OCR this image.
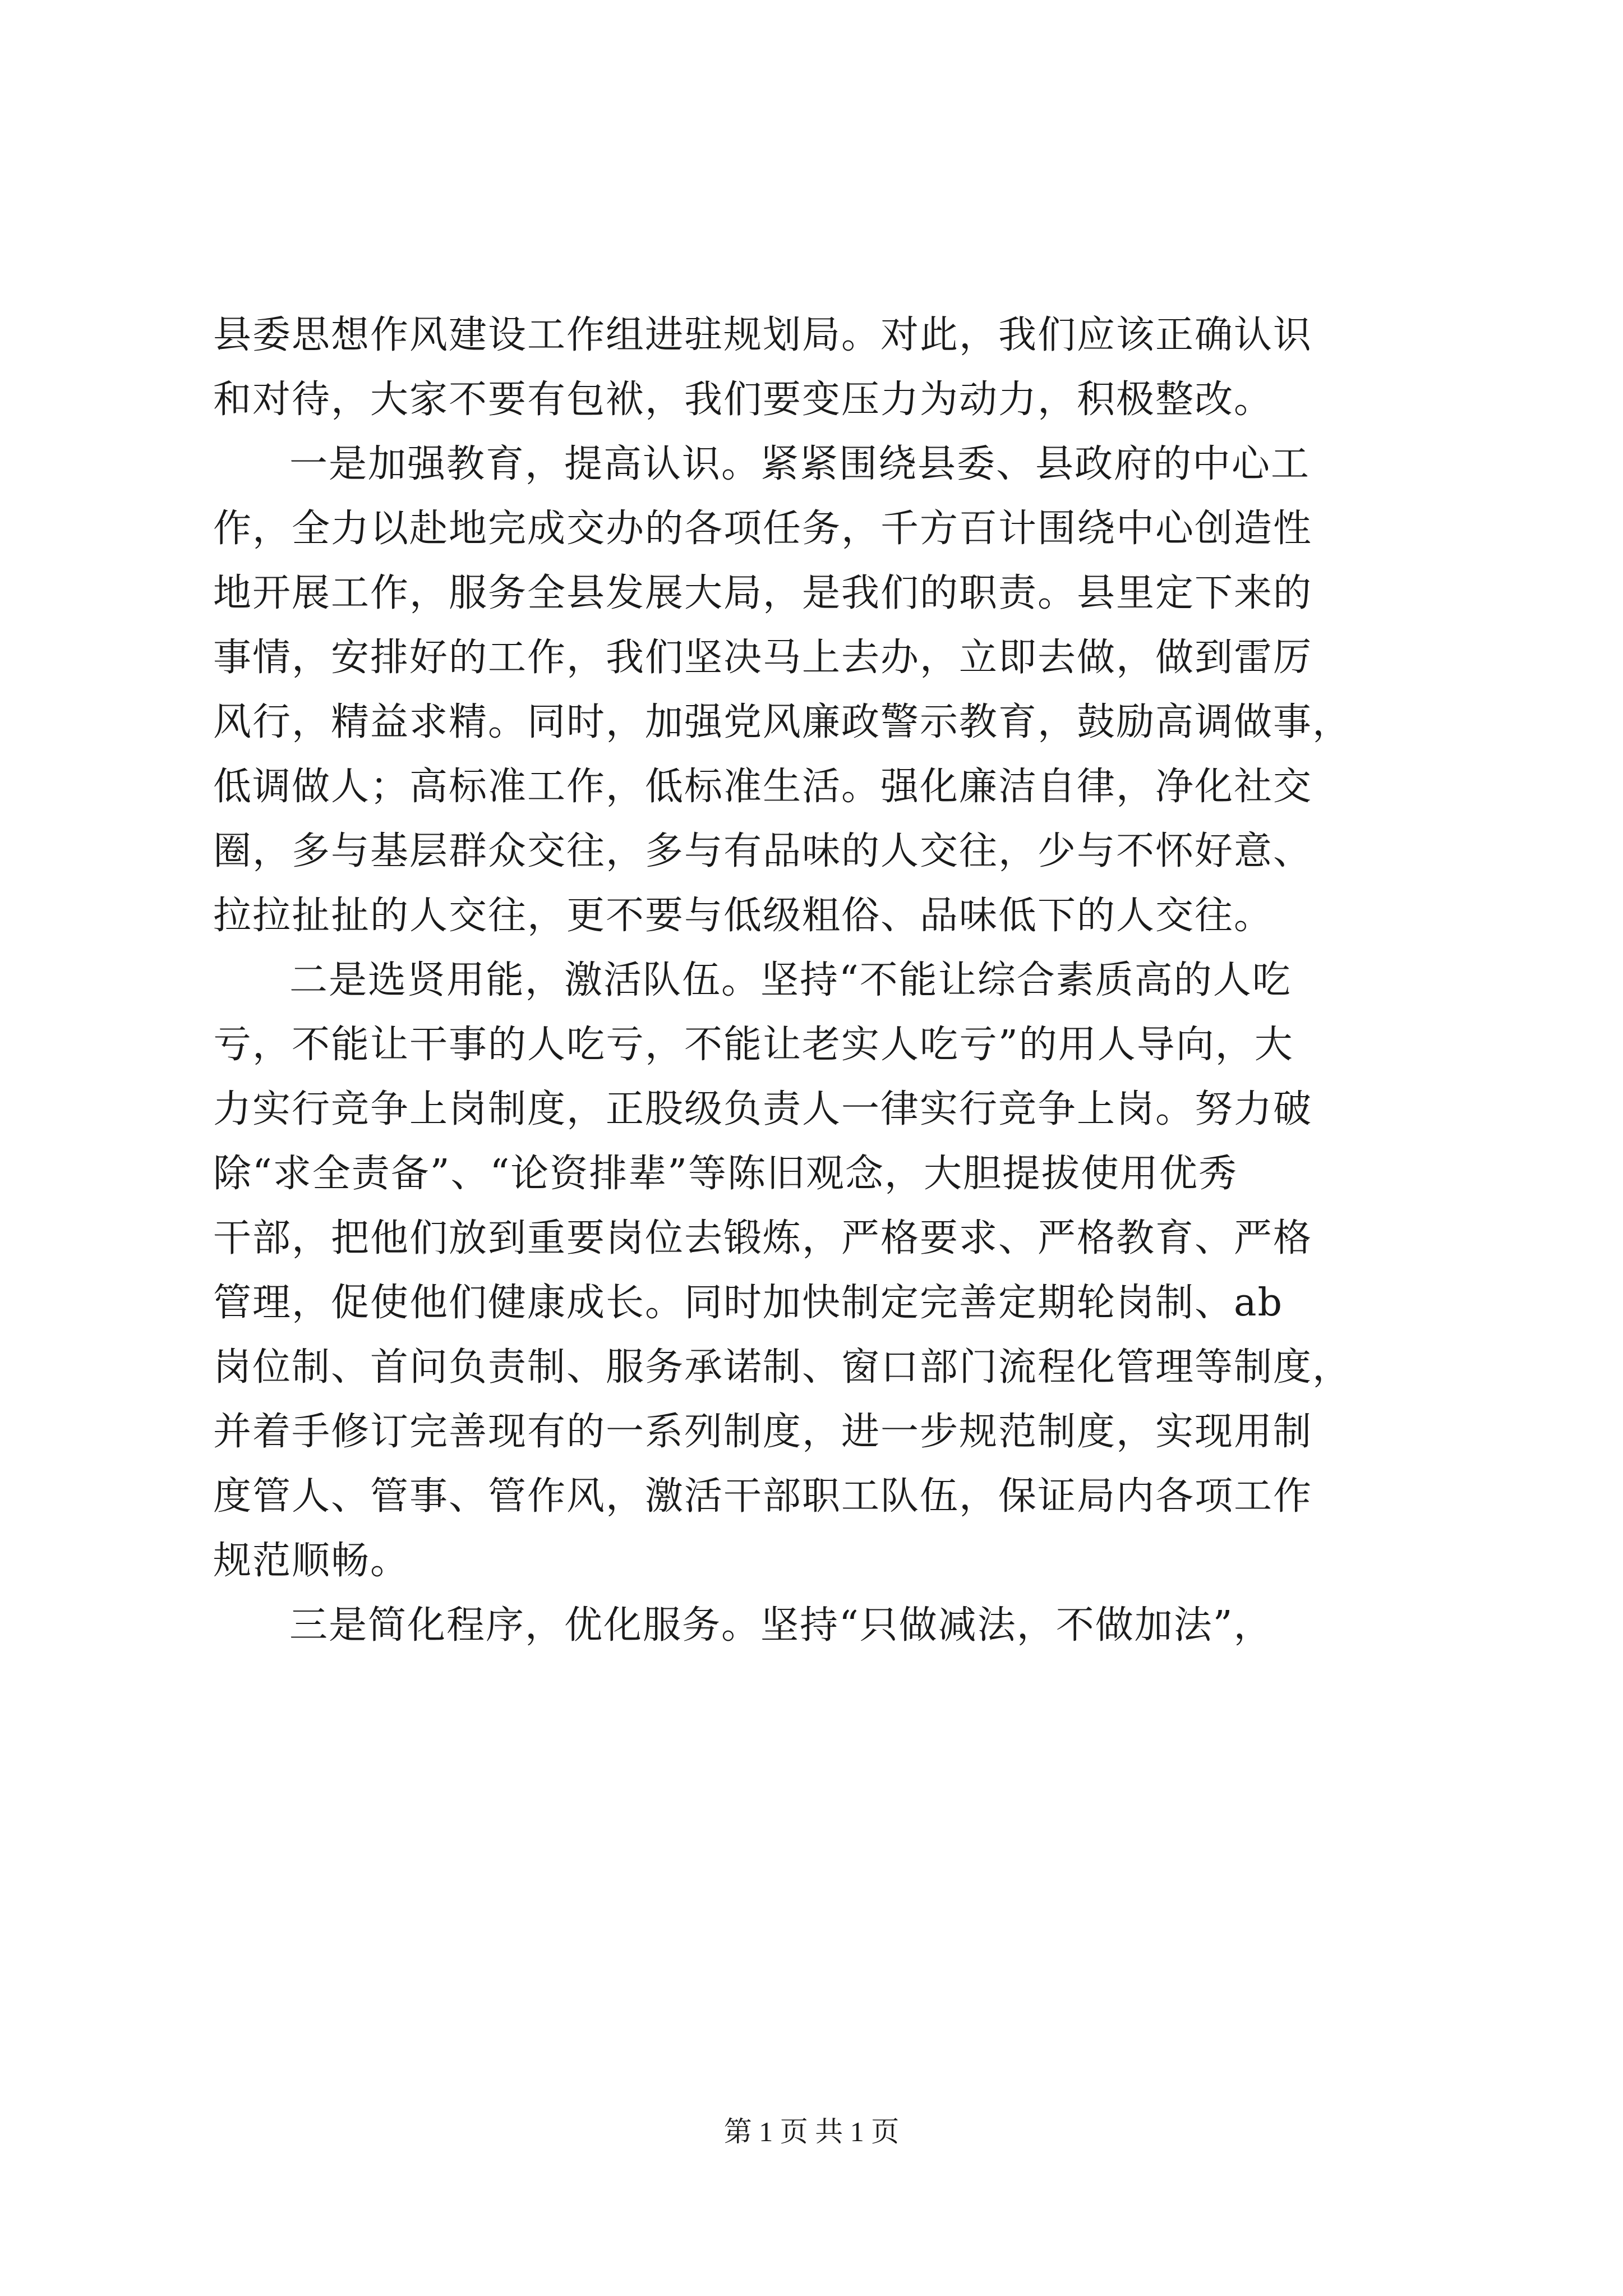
县委思想作风建设工作组进驻规划局。对此，我们应该正确认识
和对待，大家不要有包袱，我们要变压力为动力，积极整改。
一是加强教育，提高认识。紧紧围绕县委、县政府的中心工
作，全力以赴地完成交办的各项任务，千方百计围绕中心创造性
地开展工作，服务全县发展大局，是我们的职责。县里定下来的
事情，安排好的工作，我们坚决马上去办，立即去做，做到雷厉
风行，精益求精。同时，加强党风廉政警示教育，鼓励高调做事，
低调做人；高标准工作，低标准生活。强化廉洁自律，净化社交
圈，多与基层群众交往，多与有品味的人交往，少与不怀好意、
拉拉扯扯的人交往，更不要与低级粗俗、品味低下的人交往。
二是选贤用能，激活队伍。坚持“不能让综合素质高的人吃
亏，不能让干事的人吃亏，不能让老实人吃亏”的用人导向，大
力实行竞争上岗制度，正股级负责人一律实行竞争上岗。努力破
除“求全责备”、“论资排辈”等陈旧观念，大胆提拔使用优秀
干部，把他们放到重要岗位去锻炼，严格要求、严格教育、严格
管理，促使他们健康成长。同时加快制定完善定期轮岗制、ab
岗位制、首问负责制、服务承诺制、窗口部门流程化管理等制度，
并着手修订完善现有的一系列制度，进一步规范制度，实现用制
度管人、管事、管作风，激活干部职工队伍，保证局内各项工作
规范顺畅。
三是简化程序，优化服务。坚持“只做减法，不做加法”，
第 1 页 共 1 页
